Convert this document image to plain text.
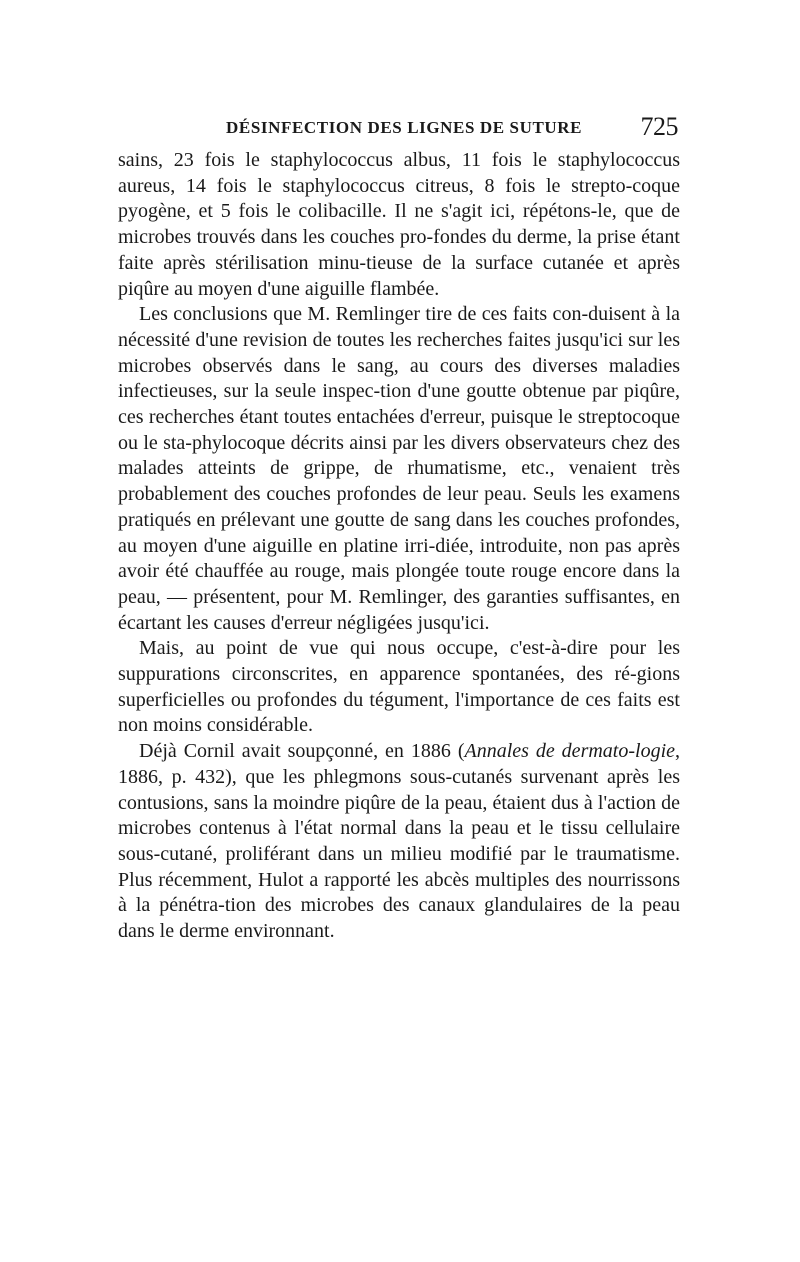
DÉSINFECTION DES LIGNES DE SUTURE 725

sains, 23 fois le staphylococcus albus, 11 fois le staphylococcus aureus, 14 fois le staphylococcus citreus, 8 fois le strepto-coque pyogène, et 5 fois le colibacille. Il ne s'agit ici, répétons-le, que de microbes trouvés dans les couches pro-fondes du derme, la prise étant faite après stérilisation minu-tieuse de la surface cutanée et après piqûre au moyen d'une aiguille flambée.

Les conclusions que M. Remlinger tire de ces faits con-duisent à la nécessité d'une revision de toutes les recherches faites jusqu'ici sur les microbes observés dans le sang, au cours des diverses maladies infectieuses, sur la seule inspec-tion d'une goutte obtenue par piqûre, ces recherches étant toutes entachées d'erreur, puisque le streptocoque ou le sta-phylocoque décrits ainsi par les divers observateurs chez des malades atteints de grippe, de rhumatisme, etc., venaient très probablement des couches profondes de leur peau. Seuls les examens pratiqués en prélevant une goutte de sang dans les couches profondes, au moyen d'une aiguille en platine irri-diée, introduite, non pas après avoir été chauffée au rouge, mais plongée toute rouge encore dans la peau, — présentent, pour M. Remlinger, des garanties suffisantes, en écartant les causes d'erreur négligées jusqu'ici.

Mais, au point de vue qui nous occupe, c'est-à-dire pour les suppurations circonscrites, en apparence spontanées, des ré-gions superficielles ou profondes du tégument, l'importance de ces faits est non moins considérable.

Déjà Cornil avait soupçonné, en 1886 (Annales de dermato-logie, 1886, p. 432), que les phlegmons sous-cutanés survenant après les contusions, sans la moindre piqûre de la peau, étaient dus à l'action de microbes contenus à l'état normal dans la peau et le tissu cellulaire sous-cutané, proliférant dans un milieu modifié par le traumatisme. Plus récemment, Hulot a rapporté les abcès multiples des nourrissons à la pénétra-tion des microbes des canaux glandulaires de la peau dans le derme environnant.
